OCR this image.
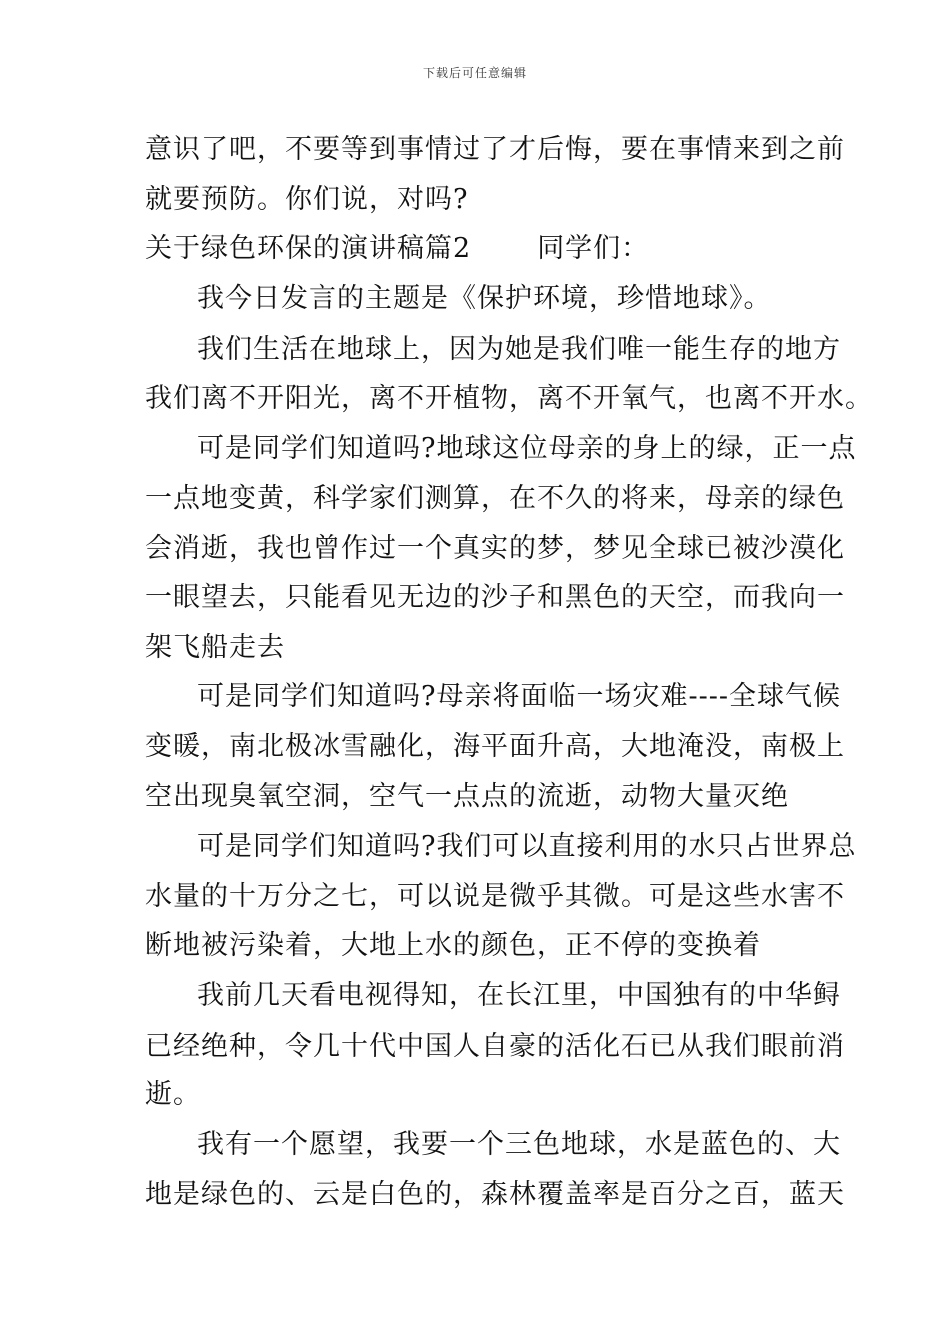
下载后可任意编辑
意识了吧，不要等到事情过了才后悔，要在事情来到之前
就要预防。你们说，对吗?
关于绿色环保的演讲稿篇2 同学们：
我今日发言的主题是《保护环境，珍惜地球》。
我们生活在地球上，因为她是我们唯一能生存的地方
我们离不开阳光，离不开植物，离不开氧气，也离不开水。
可是同学们知道吗?地球这位母亲的身上的绿，正一点
一点地变黄，科学家们测算，在不久的将来，母亲的绿色
会消逝，我也曾作过一个真实的梦，梦见全球已被沙漠化
一眼望去，只能看见无边的沙子和黑色的天空，而我向一
架飞船走去
可是同学们知道吗?母亲将面临一场灾难----全球气候
变暖，南北极冰雪融化，海平面升高，大地淹没，南极上
空出现臭氧空洞，空气一点点的流逝，动物大量灭绝
可是同学们知道吗?我们可以直接利用的水只占世界总
水量的十万分之七，可以说是微乎其微。可是这些水害不
断地被污染着，大地上水的颜色，正不停的变换着
我前几天看电视得知，在长江里，中国独有的中华鲟
已经绝种，令几十代中国人自豪的活化石已从我们眼前消
逝。
我有一个愿望，我要一个三色地球，水是蓝色的、大
地是绿色的、云是白色的，森林覆盖率是百分之百，蓝天
